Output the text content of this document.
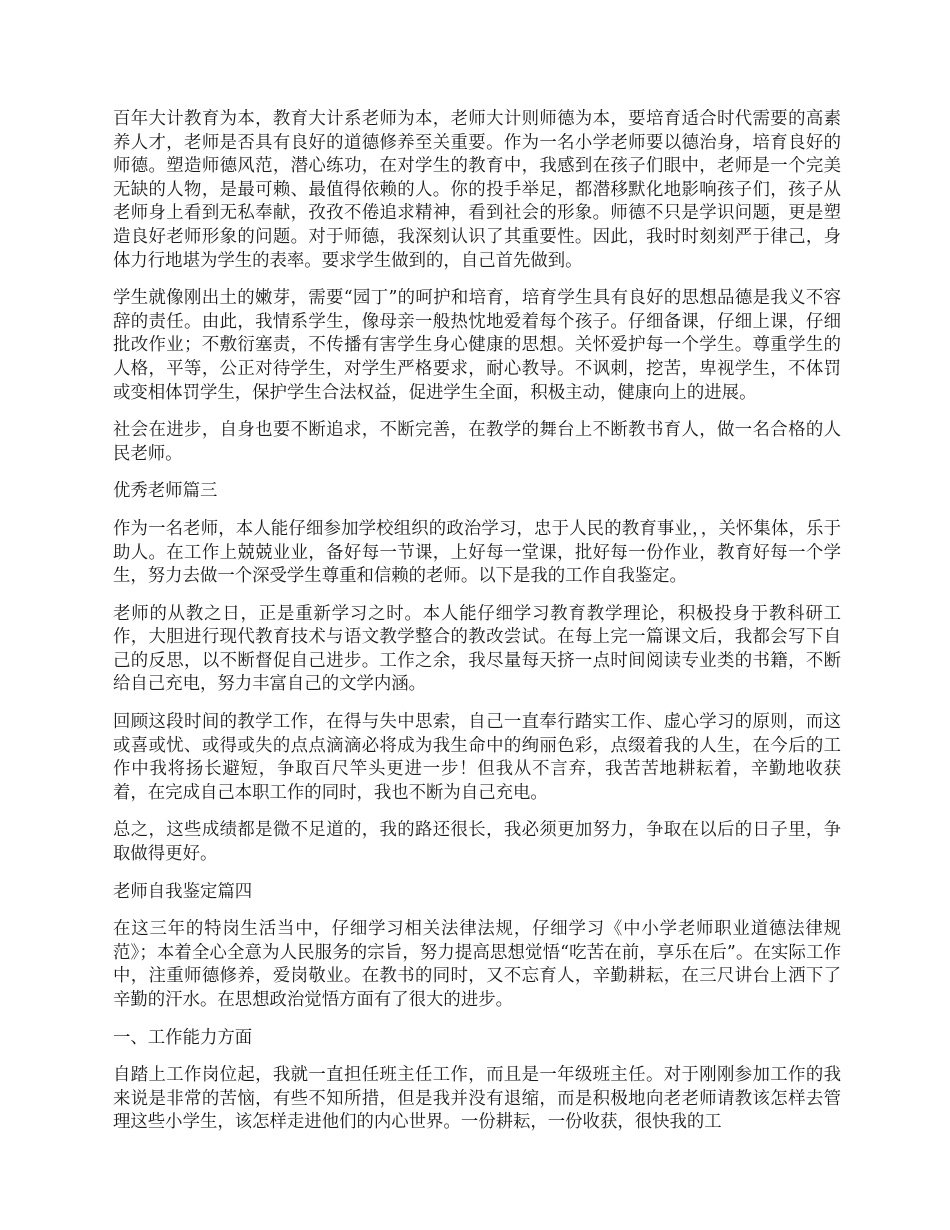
百年大计教育为本，教育大计系老师为本，老师大计则师德为本，要培育适合时代需要的高素养人才，老师是否具有良好的道德修养至关重要。作为一名小学老师要以德治身，培育良好的师德。塑造师德风范，潜心练功，在对学生的教育中，我感到在孩子们眼中，老师是一个完美无缺的人物，是最可赖、最值得依赖的人。你的投手举足，都潜移默化地影响孩子们，孩子从老师身上看到无私奉献，孜孜不倦追求精神，看到社会的形象。师德不只是学识问题，更是塑造良好老师形象的问题。对于师德，我深刻认识了其重要性。因此，我时时刻刻严于律己，身体力行地堪为学生的表率。要求学生做到的，自己首先做到。

学生就像刚出土的嫩芽，需要“园丁”的呵护和培育，培育学生具有良好的思想品德是我义不容辞的责任。由此，我情系学生，像母亲一般热忱地爱着每个孩子。仔细备课，仔细上课，仔细批改作业；不敷衍塞责，不传播有害学生身心健康的思想。关怀爱护每一个学生。尊重学生的人格，平等，公正对待学生，对学生严格要求，耐心教导。不讽刺，挖苦，卑视学生，不体罚或变相体罚学生，保护学生合法权益，促进学生全面，积极主动，健康向上的进展。

社会在进步，自身也要不断追求，不断完善，在教学的舞台上不断教书育人，做一名合格的人民老师。

优秀老师篇三

作为一名老师，本人能仔细参加学校组织的政治学习，忠于人民的教育事业，，关怀集体，乐于助人。在工作上兢兢业业，备好每一节课，上好每一堂课，批好每一份作业，教育好每一个学生，努力去做一个深受学生尊重和信赖的老师。以下是我的工作自我鉴定。

老师的从教之日，正是重新学习之时。本人能仔细学习教育教学理论，积极投身于教科研工作，大胆进行现代教育技术与语文教学整合的教改尝试。在每上完一篇课文后，我都会写下自己的反思，以不断督促自己进步。工作之余，我尽量每天挤一点时间阅读专业类的书籍，不断给自己充电，努力丰富自己的文学内涵。

回顾这段时间的教学工作，在得与失中思索，自己一直奉行踏实工作、虚心学习的原则，而这或喜或忧、或得或失的点点滴滴必将成为我生命中的绚丽色彩，点缀着我的人生，在今后的工作中我将扬长避短，争取百尺竿头更进一步！但我从不言弃，我苦苦地耕耘着，辛勤地收获着，在完成自己本职工作的同时，我也不断为自己充电。

总之，这些成绩都是微不足道的，我的路还很长，我必须更加努力，争取在以后的日子里，争取做得更好。

老师自我鉴定篇四

在这三年的特岗生活当中，仔细学习相关法律法规，仔细学习《中小学老师职业道德法律规范》；本着全心全意为人民服务的宗旨，努力提高思想觉悟“吃苦在前，享乐在后”。在实际工作中，注重师德修养，爱岗敬业。在教书的同时，又不忘育人，辛勤耕耘，在三尺讲台上洒下了辛勤的汗水。在思想政治觉悟方面有了很大的进步。

一、工作能力方面

自踏上工作岗位起，我就一直担任班主任工作，而且是一年级班主任。对于刚刚参加工作的我来说是非常的苦恼，有些不知所措，但是我并没有退缩，而是积极地向老老师请教该怎样去管理这些小学生，该怎样走进他们的内心世界。一份耕耘，一份收获，很快我的工
